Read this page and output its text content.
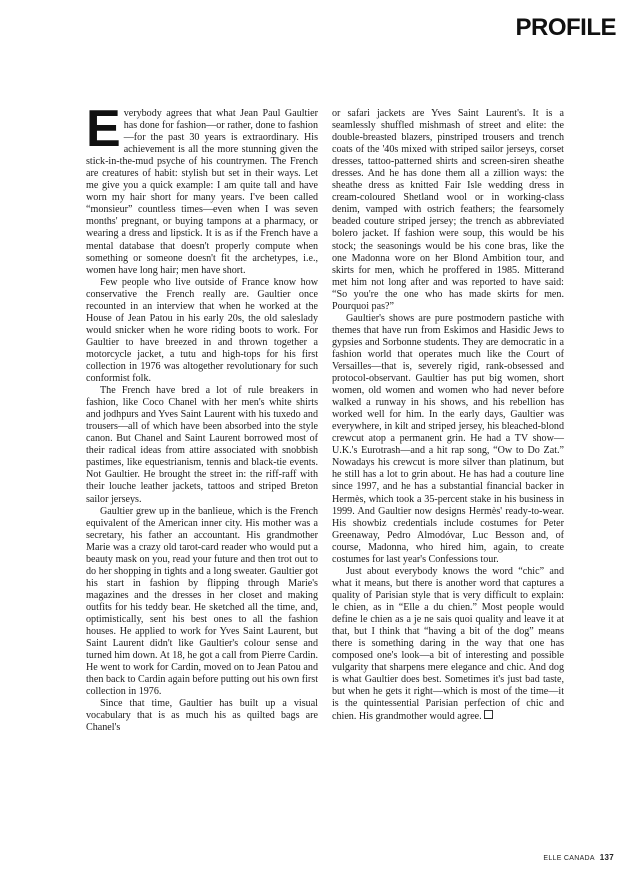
PROFILE

Everybody agrees that what Jean Paul Gaultier has done for fashion—or rather, done to fashion—for the past 30 years is extraordinary. His achievement is all the more stunning given the stick-in-the-mud psyche of his countrymen. The French are creatures of habit: stylish but set in their ways. Let me give you a quick example: I am quite tall and have worn my hair short for many years. I've been called “monsieur” countless times—even when I was seven months' pregnant, or buying tampons at a pharmacy, or wearing a dress and lipstick. It is as if the French have a mental database that doesn't properly compute when something or someone doesn't fit the archetypes, i.e., women have long hair; men have short.

Few people who live outside of France know how conservative the French really are. Gaultier once recounted in an interview that when he worked at the House of Jean Patou in his early 20s, the old saleslady would snicker when he wore riding boots to work. For Gaultier to have breezed in and thrown together a motorcycle jacket, a tutu and high-tops for his first collection in 1976 was altogether revolutionary for such conformist folk.

The French have bred a lot of rule breakers in fashion, like Coco Chanel with her men's white shirts and jodhpurs and Yves Saint Laurent with his tuxedo and trousers—all of which have been absorbed into the style canon. But Chanel and Saint Laurent borrowed most of their radical ideas from attire associated with snobbish pastimes, like equestrianism, tennis and black-tie events. Not Gaultier. He brought the street in: the riff-raff with their louche leather jackets, tattoos and striped Breton sailor jerseys.

Gaultier grew up in the banlieue, which is the French equivalent of the American inner city. His mother was a secretary, his father an accountant. His grandmother Marie was a crazy old tarot-card reader who would put a beauty mask on you, read your future and then trot out to do her shopping in tights and a long sweater. Gaultier got his start in fashion by flipping through Marie's magazines and the dresses in her closet and making outfits for his teddy bear. He sketched all the time, and, optimistically, sent his best ones to all the fashion houses. He applied to work for Yves Saint Laurent, but Saint Laurent didn't like Gaultier's colour sense and turned him down. At 18, he got a call from Pierre Cardin. He went to work for Cardin, moved on to Jean Patou and then back to Cardin again before putting out his own first collection in 1976.

Since that time, Gaultier has built up a visual vocabulary that is as much his as quilted bags are Chanel's

or safari jackets are Yves Saint Laurent's. It is a seamlessly shuffled mishmash of street and elite: the double-breasted blazers, pinstriped trousers and trench coats of the '40s mixed with striped sailor jerseys, corset dresses, tattoo-patterned shirts and screen-siren sheathe dresses. And he has done them all a zillion ways: the sheathe dress as knitted Fair Isle wedding dress in cream-coloured Shetland wool or in working-class denim, vamped with ostrich feathers; the fearsomely beaded couture striped jersey; the trench as abbreviated bolero jacket. If fashion were soup, this would be his stock; the seasonings would be his cone bras, like the one Madonna wore on her Blond Ambition tour, and skirts for men, which he proffered in 1985. Mitterand met him not long after and was reported to have said: “So you're the one who has made skirts for men. Pourquoi pas?”

Gaultier's shows are pure postmodern pastiche with themes that have run from Eskimos and Hasidic Jews to gypsies and Sorbonne students. They are democratic in a fashion world that operates much like the Court of Versailles—that is, severely rigid, rank-obsessed and protocol-observant. Gaultier has put big women, short women, old women and women who had never before walked a runway in his shows, and his rebellion has worked well for him. In the early days, Gaultier was everywhere, in kilt and striped jersey, his bleached-blond crewcut atop a permanent grin. He had a TV show—U.K.'s Eurotrash—and a hit rap song, “Ow to Do Zat.” Nowadays his crewcut is more silver than platinum, but he still has a lot to grin about. He has had a couture line since 1997, and he has a substantial financial backer in Hermès, which took a 35-percent stake in his business in 1999. And Gaultier now designs Hermès' ready-to-wear. His showbiz credentials include costumes for Peter Greenaway, Pedro Almodóvar, Luc Besson and, of course, Madonna, who hired him, again, to create costumes for last year's Confessions tour.

Just about everybody knows the word “chic” and what it means, but there is another word that captures a quality of Parisian style that is very difficult to explain: le chien, as in “Elle a du chien.” Most people would define le chien as a je ne sais quoi quality and leave it at that, but I think that “having a bit of the dog” means there is something daring in the way that one has composed one's look—a bit of interesting and possible vulgarity that sharpens mere elegance and chic. And dog is what Gaultier does best. Sometimes it's just bad taste, but when he gets it right—which is most of the time—it is the quintessential Parisian perfection of chic and chien. His grandmother would agree.

ELLE CANADA 137
